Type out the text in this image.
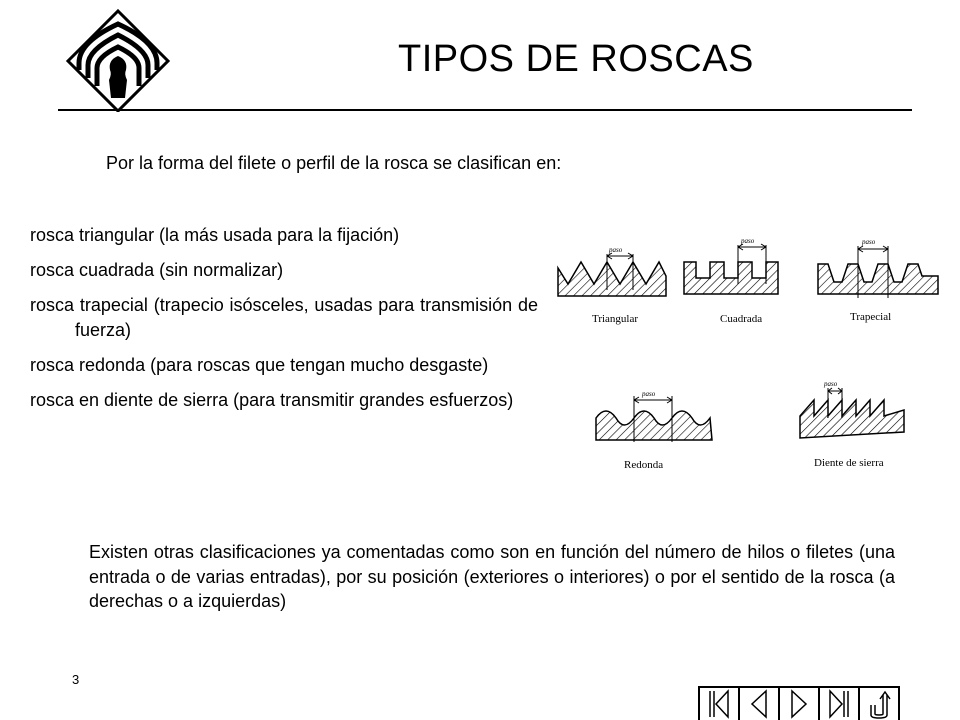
TIPOS DE ROSCAS

Por la forma del filete o perfil de la rosca se clasifican en:

rosca triangular (la más usada para la fijación)
rosca cuadrada (sin normalizar)
rosca trapecial (trapecio isósceles, usadas para transmisión de fuerza)
rosca redonda (para roscas que tengan mucho desgaste)
rosca en diente de sierra (para transmitir grandes esfuerzos)
paso
paso	paso
paso
paso
Triangular	Cuadrada	Trapecial
Redonda	Diente de sierra

Existen otras clasificaciones ya comentadas como son en función del número de hilos o filetes (una entrada o de varias entradas), por su posición (exteriores o interiores) o por el sentido de la rosca (a derechas o a izquierdas)

3
